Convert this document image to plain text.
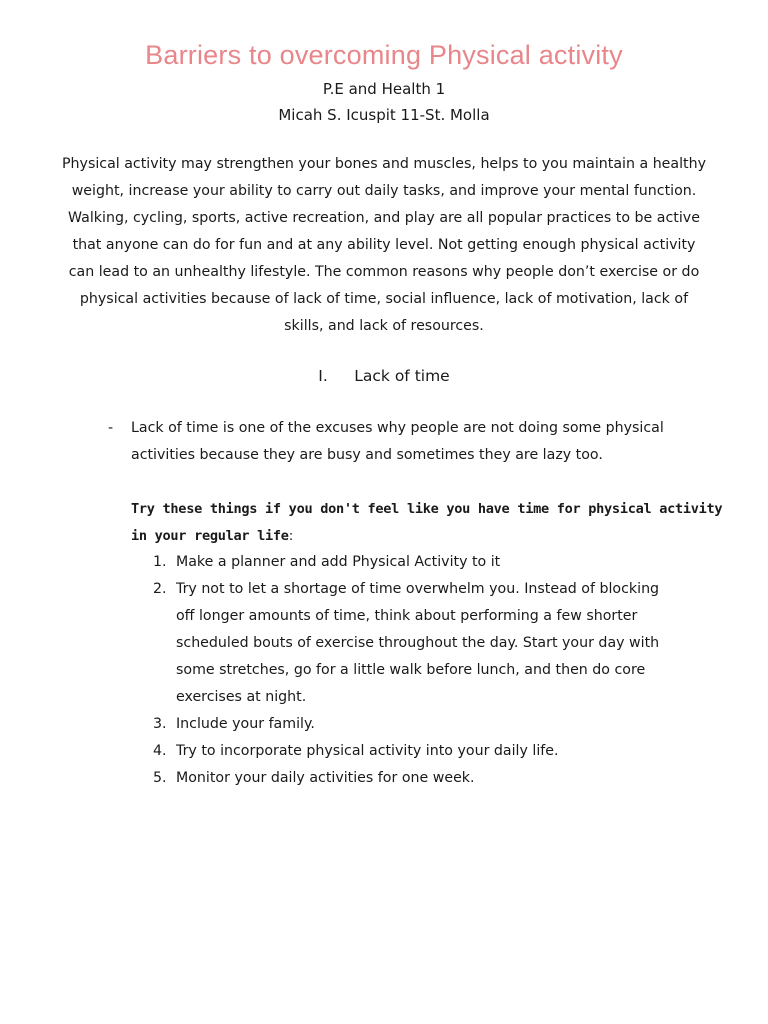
Barriers to overcoming Physical activity
P.E and Health 1
Micah S. Icuspit 11-St. Molla
Physical activity may strengthen your bones and muscles, helps to you maintain a healthy
weight, increase your ability to carry out daily tasks, and improve your mental function.
Walking, cycling, sports, active recreation, and play are all popular practices to be active
that anyone can do for fun and at any ability level. Not getting enough physical activity
can lead to an unhealthy lifestyle. The common reasons why people don’t exercise or do
physical activities because of lack of time, social influence, lack of motivation, lack of
skills, and lack of resources.
I. Lack of time
- Lack of time is one of the excuses why people are not doing some physical
activities because they are busy and sometimes they are lazy too.
Try these things if you don't feel like you have time for physical activity
in your regular life:
1. Make a planner and add Physical Activity to it
2. Try not to let a shortage of time overwhelm you. Instead of blocking
off longer amounts of time, think about performing a few shorter
scheduled bouts of exercise throughout the day. Start your day with
some stretches, go for a little walk before lunch, and then do core
exercises at night.
3. Include your family.
4. Try to incorporate physical activity into your daily life.
5. Monitor your daily activities for one week.
